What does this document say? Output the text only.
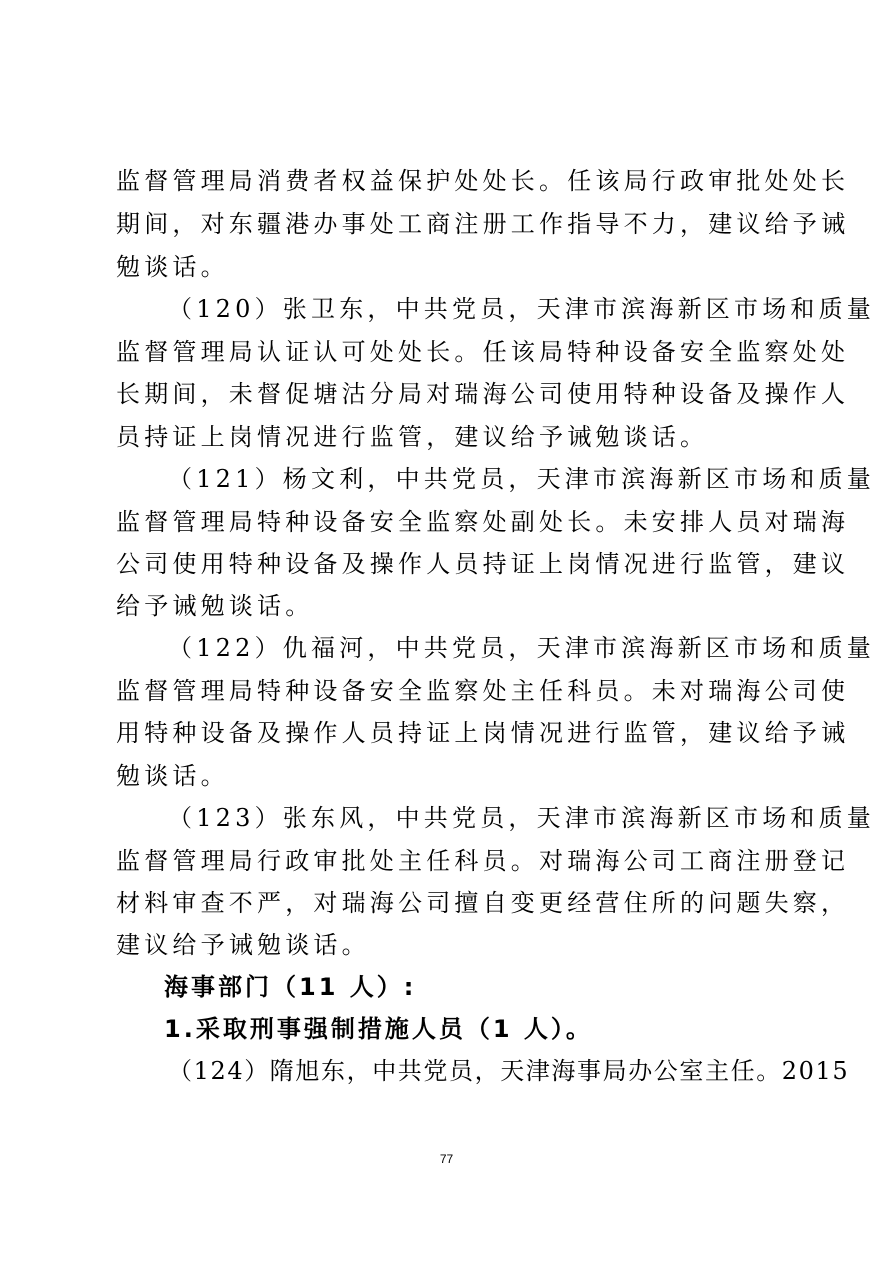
监督管理局消费者权益保护处处长。任该局行政审批处处长
期间，对东疆港办事处工商注册工作指导不力，建议给予诫
勉谈话。
（120）张卫东，中共党员，天津市滨海新区市场和质量
监督管理局认证认可处处长。任该局特种设备安全监察处处
长期间，未督促塘沽分局对瑞海公司使用特种设备及操作人
员持证上岗情况进行监管，建议给予诫勉谈话。
（121）杨文利，中共党员，天津市滨海新区市场和质量
监督管理局特种设备安全监察处副处长。未安排人员对瑞海
公司使用特种设备及操作人员持证上岗情况进行监管，建议
给予诫勉谈话。
（122）仇福河，中共党员，天津市滨海新区市场和质量
监督管理局特种设备安全监察处主任科员。未对瑞海公司使
用特种设备及操作人员持证上岗情况进行监管，建议给予诫
勉谈话。
（123）张东风，中共党员，天津市滨海新区市场和质量
监督管理局行政审批处主任科员。对瑞海公司工商注册登记
材料审查不严，对瑞海公司擅自变更经营住所的问题失察，
建议给予诫勉谈话。
海事部门（11 人）:
1.采取刑事强制措施人员（1 人）。
（124）隋旭东，中共党员，天津海事局办公室主任。2015
77
